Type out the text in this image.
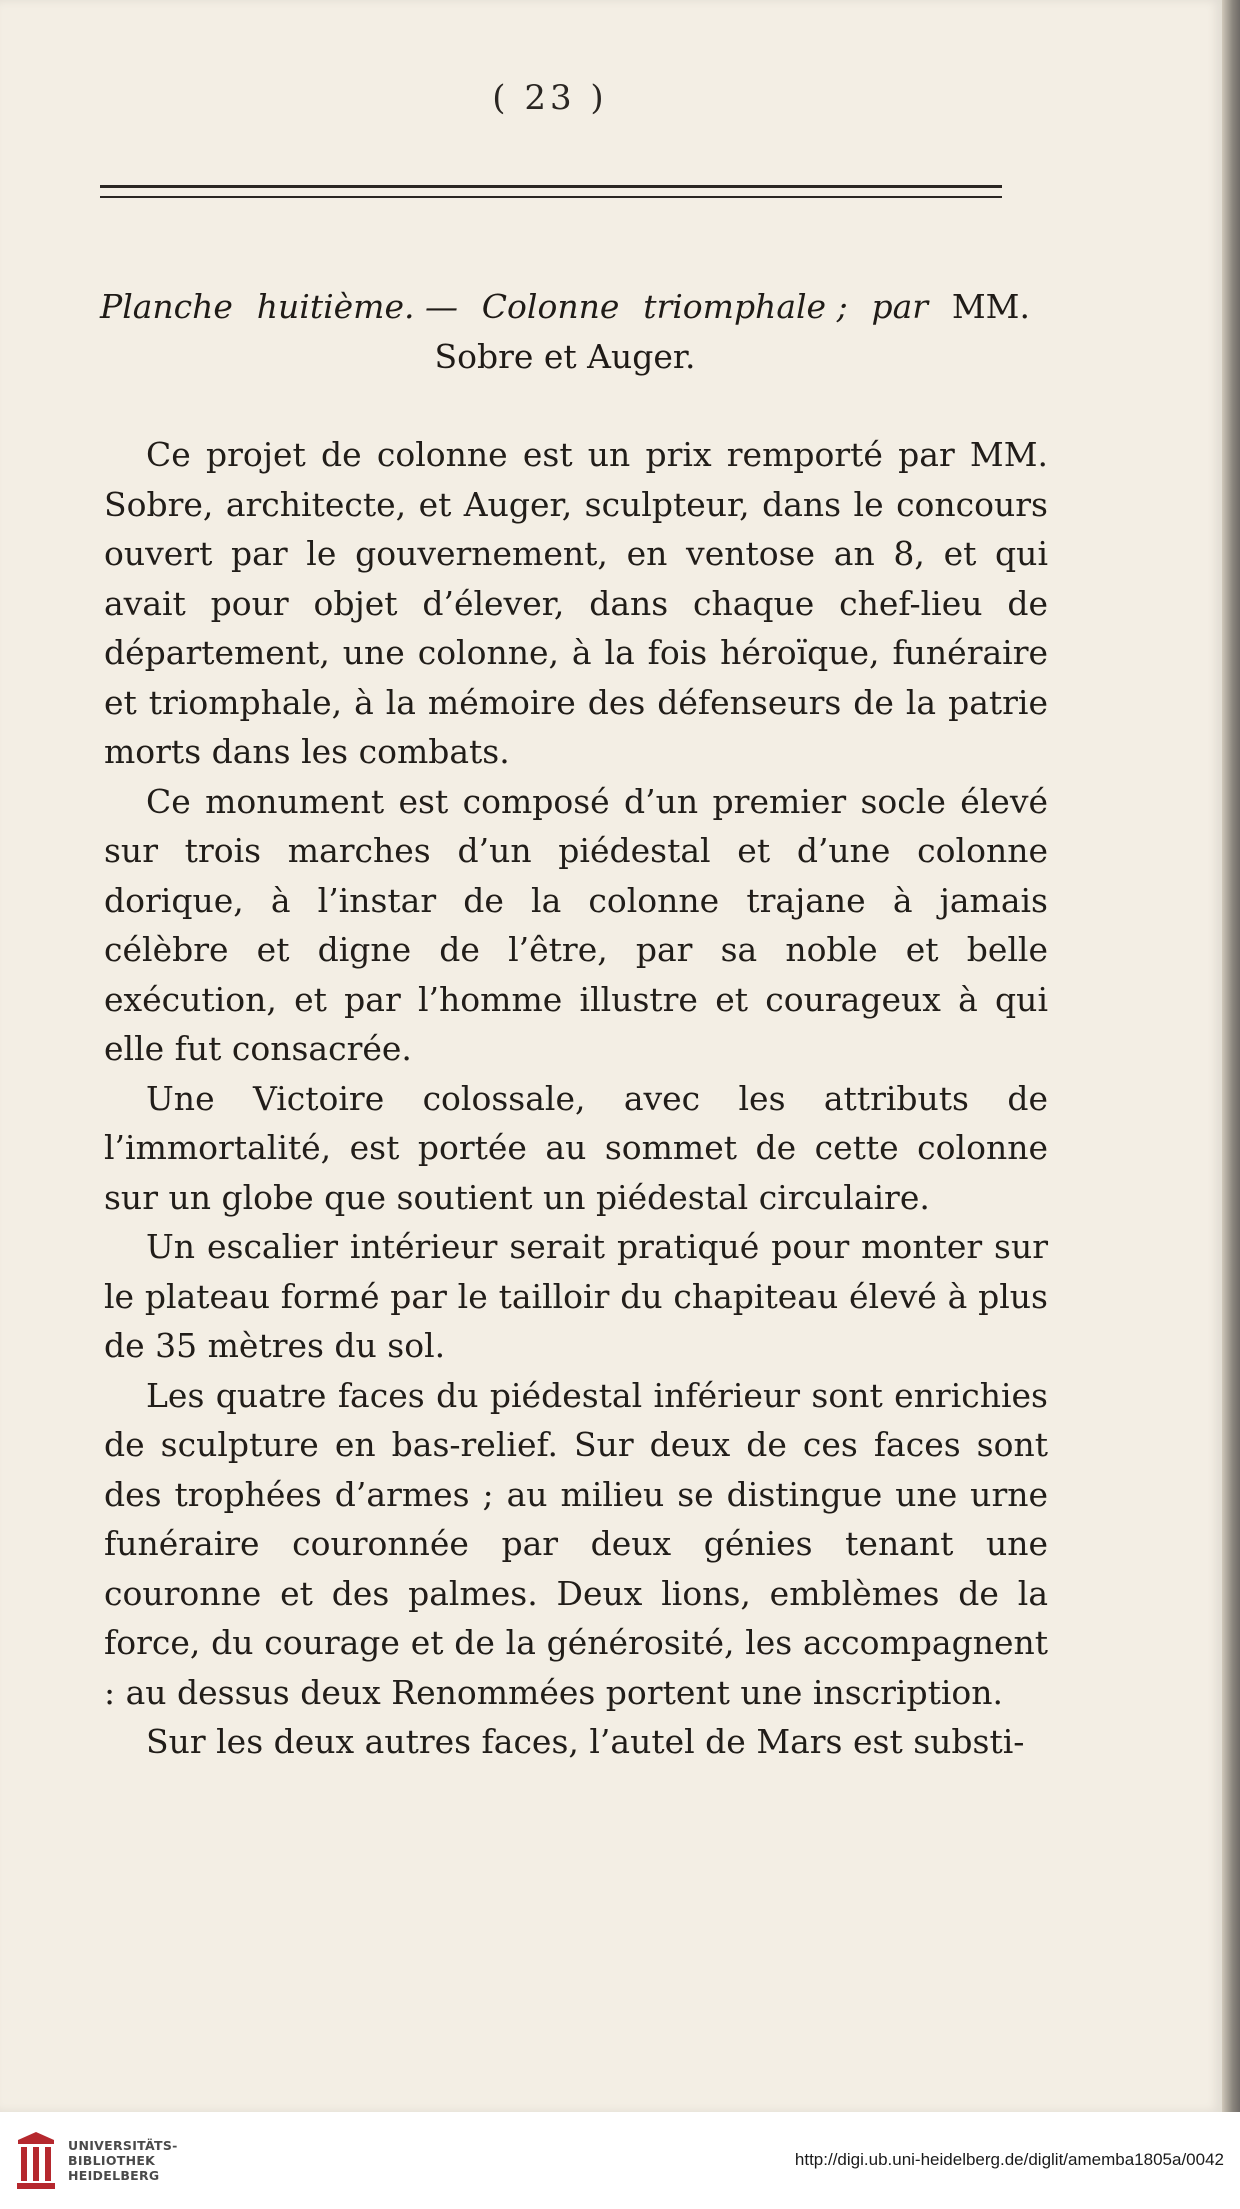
( 23 )
Planche huitième. — Colonne triomphale ; par MM.
Sobre et Auger.

Ce projet de colonne est un prix remporté par MM. Sobre, architecte, et Auger, sculpteur, dans le concours ouvert par le gouvernement, en ventose an 8, et qui avait pour objet d’élever, dans chaque chef-lieu de département, une colonne, à la fois héroïque, funéraire et triomphale, à la mémoire des défenseurs de la patrie morts dans les combats.

Ce monument est composé d’un premier socle élevé sur trois marches d’un piédestal et d’une colonne dorique, à l’instar de la colonne trajane à jamais célèbre et digne de l’être, par sa noble et belle exécution, et par l’homme illustre et courageux à qui elle fut consacrée.

Une Victoire colossale, avec les attributs de l’immortalité, est portée au sommet de cette colonne sur un globe que soutient un piédestal circulaire.

Un escalier intérieur serait pratiqué pour monter sur le plateau formé par le tailloir du chapiteau élevé à plus de 35 mètres du sol.

Les quatre faces du piédestal inférieur sont enrichies de sculpture en bas-relief. Sur deux de ces faces sont des trophées d’armes ; au milieu se distingue une urne funéraire couronnée par deux génies tenant une couronne et des palmes. Deux lions, emblèmes de la force, du courage et de la générosité, les accompagnent : au dessus deux Renommées portent une inscription.

Sur les deux autres faces, l’autel de Mars est substi-

UNIVERSITÄTS-
BIBLIOTHEK
HEIDELBERG
http://digi.ub.uni-heidelberg.de/diglit/amemba1805a/0042
